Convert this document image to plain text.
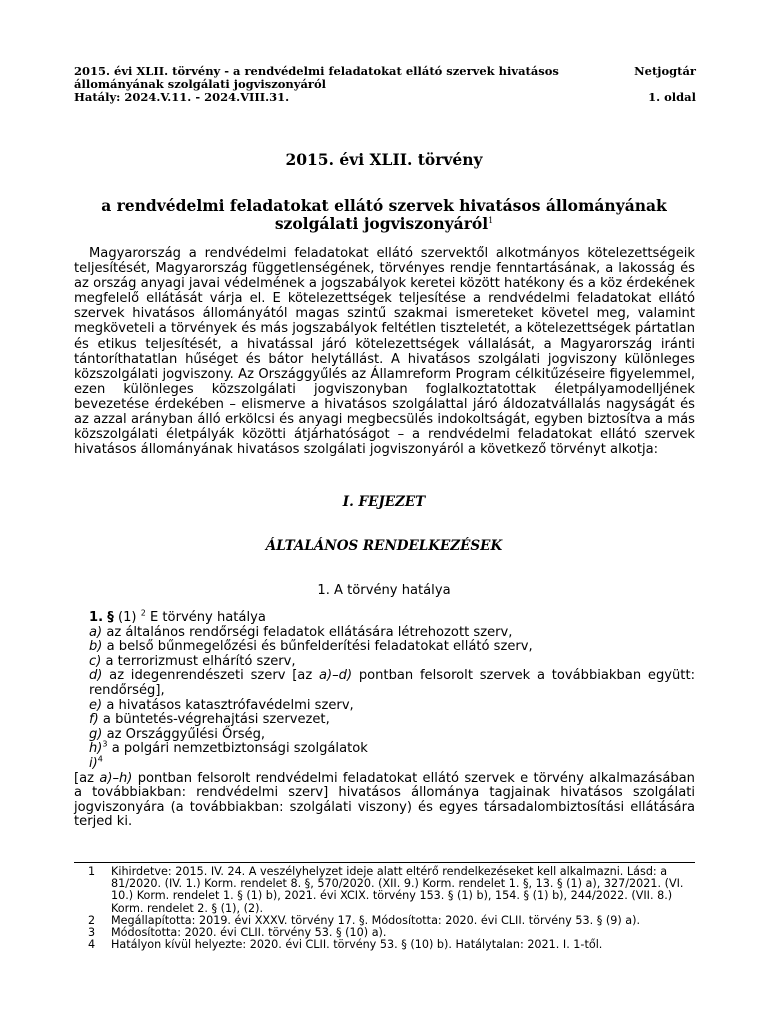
2015. évi XLII. törvény - a rendvédelmi feladatokat ellátó szervek hivatásos
állományának szolgálati jogviszonyáról
Hatály: 2024.V.11. - 2024.VIII.31.
Netjogtár
1. oldal
2015. évi XLII. törvény
a rendvédelmi feladatokat ellátó szervek hivatásos állományának szolgálati jogviszonyáról$^1$
Magyarország a rendvédelmi feladatokat ellátó szervektől alkotmányos kötelezettségeik teljesítését, Magyarország függetlenségének, törvényes rendje fenntartásának, a lakosság és az ország anyagi javai védelmének a jogszabályok keretei között hatékony és a köz érdekének megfelelő ellátását várja el. E kötelezettségek teljesítése a rendvédelmi feladatokat ellátó szervek hivatásos állományától magas szintű szakmai ismereteket követel meg, valamint megköveteli a törvények és más jogszabályok feltétlen tiszteletét, a kötelezettségek pártatlan és etikus teljesítését, a hivatással járó kötelezettségek vállalását, a Magyarország iránti tántoríthatatlan hűséget és bátor helytállást. A hivatásos szolgálati jogviszony különleges közszolgálati jogviszony. Az Országgyűlés az Államreform Program célkitűzéseire figyelemmel, ezen különleges közszolgálati jogviszonyban foglalkoztatottak életpályamodelljének bevezetése érdekében – elismerve a hivatásos szolgálattal járó áldozatvállalás nagyságát és az azzal arányban álló erkölcsi és anyagi megbecsülés indokoltságát, egyben biztosítva a más közszolgálati életpályák közötti átjárhatóságot – a rendvédelmi feladatokat ellátó szervek hivatásos állományának hivatásos szolgálati jogviszonyáról a következő törvényt alkotja:
I. FEJEZET
ÁLTALÁNOS RENDELKEZÉSEK
1. A törvény hatálya
1. § (1) $^2$ E törvény hatálya
a) az általános rendőrségi feladatok ellátására létrehozott szerv,
b) a belső bűnmegelőzési és bűnfelderítési feladatokat ellátó szerv,
c) a terrorizmust elhárító szerv,
d) az idegenrendészeti szerv [az a)–d) pontban felsorolt szervek a továbbiakban együtt: rendőrség],
e) a hivatásos katasztrófavédelmi szerv,
f) a büntetés-végrehajtási szervezet,
g) az Országgyűlési Őrség,
h)$^3$ a polgári nemzetbiztonsági szolgálatok
i)$^4$
[az a)–h) pontban felsorolt rendvédelmi feladatokat ellátó szervek e törvény alkalmazásában a továbbiakban: rendvédelmi szerv] hivatásos állománya tagjainak hivatásos szolgálati jogviszonyára (a továbbiakban: szolgálati viszony) és egyes társadalombiztosítási ellátására terjed ki.
1	Kihirdetve: 2015. IV. 24. A veszélyhelyzet ideje alatt eltérő rendelkezéseket kell alkalmazni. Lásd: a 81/2020. (IV. 1.) Korm. rendelet 8. §, 570/2020. (XII. 9.) Korm. rendelet 1. §, 13. § (1) a), 327/2021. (VI. 10.) Korm. rendelet 1. § (1) b), 2021. évi XCIX. törvény 153. § (1) b), 154. § (1) b), 244/2022. (VII. 8.) Korm. rendelet 2. § (1), (2).
2	Megállapította: 2019. évi XXXV. törvény 17. §. Módosította: 2020. évi CLII. törvény 53. § (9) a).
3	Módosította: 2020. évi CLII. törvény 53. § (10) a).
4	Hatályon kívül helyezte: 2020. évi CLII. törvény 53. § (10) b). Hatálytalan: 2021. I. 1-től.
